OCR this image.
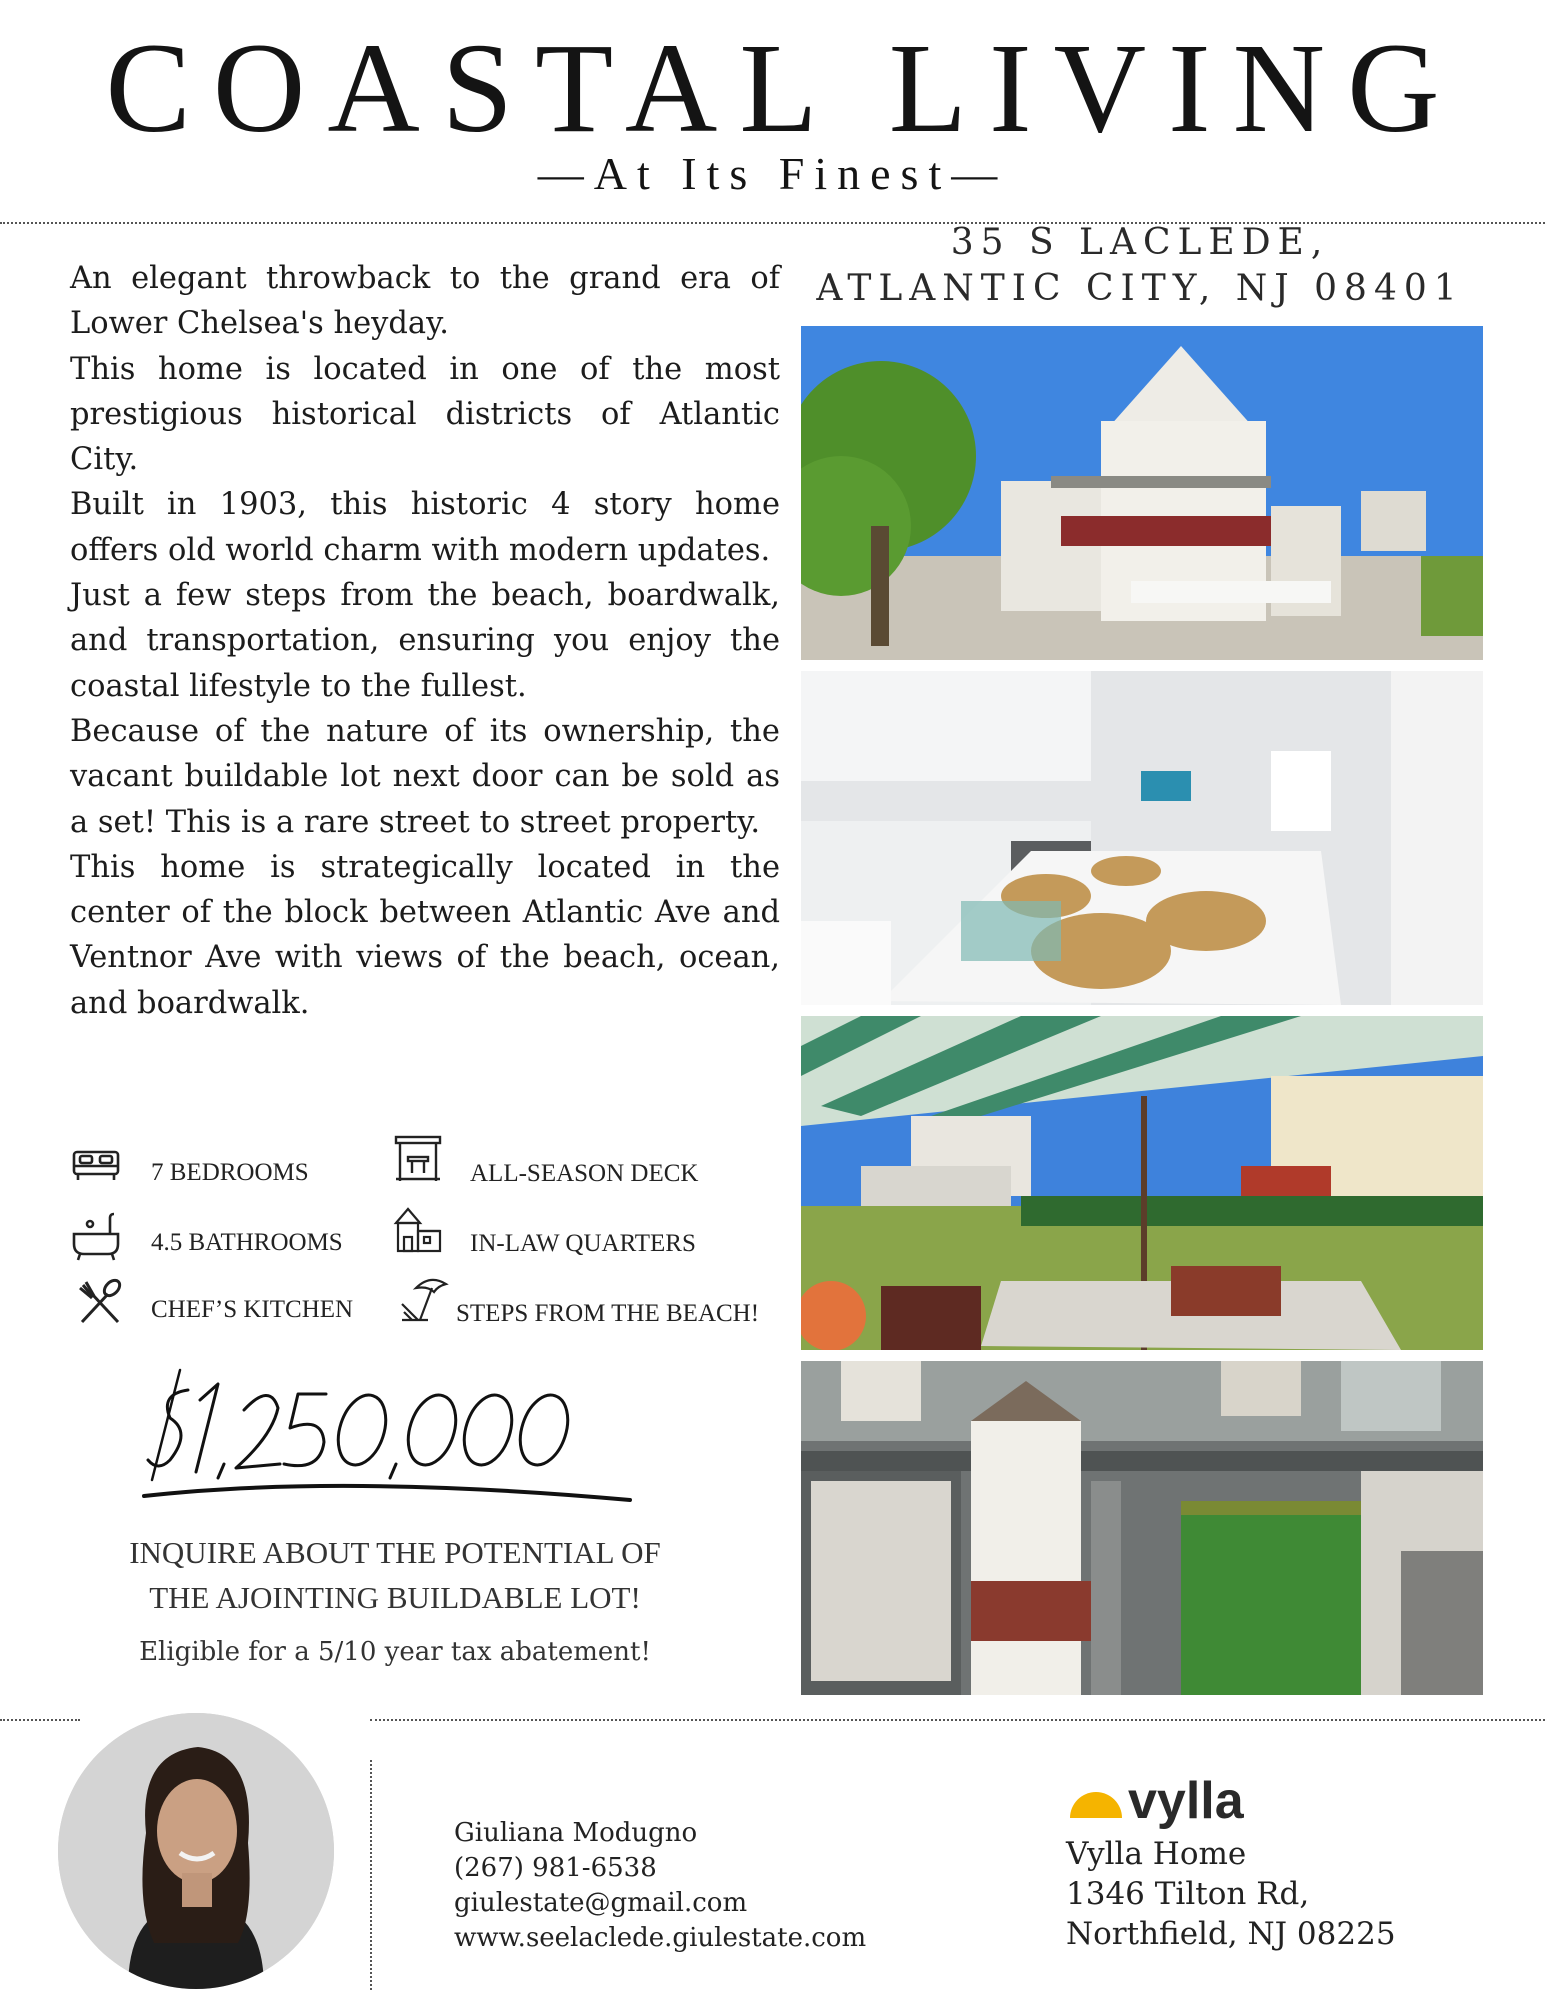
COASTAL LIVING
—At Its Finest—
35 S LACLEDE,
ATLANTIC CITY, NJ 08401

An elegant throwback to the grand era of Lower Chelsea's heyday.

This home is located in one of the most prestigious historical districts of Atlantic City.

Built in 1903, this historic 4 story home offers old world charm with modern updates.

Just a few steps from the beach, boardwalk, and transportation, ensuring you enjoy the coastal lifestyle to the fullest.

Because of the nature of its ownership, the vacant buildable lot next door can be sold as a set! This is a rare street to street property.

This home is strategically located in the center of the block between Atlantic Ave and Ventnor Ave with views of the beach, ocean, and boardwalk.

7 BEDROOMS	ALL-SEASON DECK
4.5 BATHROOMS	IN-LAW QUARTERS
CHEF’S KITCHEN	STEPS FROM THE BEACH!
INQUIRE ABOUT THE POTENTIAL OF
THE AJOINTING BUILDABLE LOT!
Eligible for a 5/10 year tax abatement!
Giuliana Modugno
(267) 981-6538
giulestate@gmail.com
www.seelaclede.giulestate.com
vylla
Vylla Home
1346 Tilton Rd,
Northfield, NJ 08225
